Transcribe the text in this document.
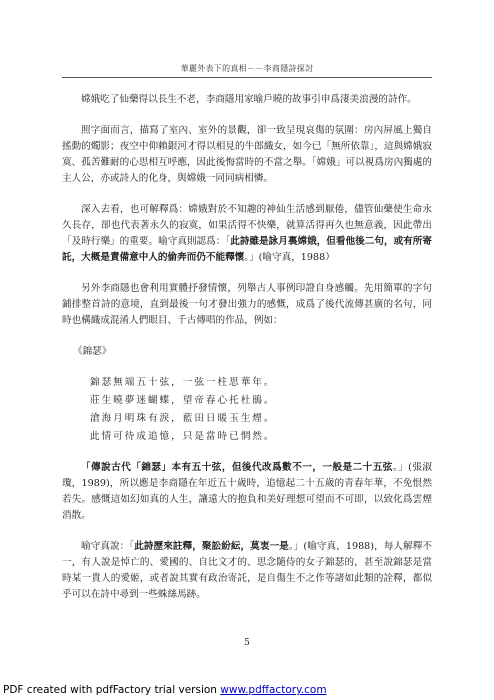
華麗外表下的真相－－李商隱詩探討

嫦娥吃了仙藥得以長生不老，李商隱用家喻戶曉的故事引申爲淒美浪漫的詩作。

照字面而言，描寫了室內、室外的景觀，卻一致呈現哀傷的氛圍：房內屏風上獨自搖動的燭影；夜空中仰賴銀河才得以相見的牛郎織女，如今已「無所依靠」，這與嫦娥寂寞、孤苦難耐的心思相互呼應，因此後悔當時的不當之舉。「嫦娥」可以視爲房內獨處的主人公，亦或詩人的化身，與嫦娥一同同病相憐。

深入去看，也可解釋爲：嫦娥對於不知趣的神仙生活感到厭倦，儘管仙藥使生命永久長存，卻也代表著永久的寂寞，如果活得不快樂，就算活得再久也無意義，因此帶出「及時行樂」的重要。喻守真則認爲：「此詩雖是詠月裏嫦娥，但看他後二句，或有所寄託，大概是責備意中人的偷奔而仍不能釋懷。」(喻守真，1988）

另外李商隱也會利用實體抒發情懷，列舉古人事例印證自身感觸。先用簡單的字句鋪排整首詩的意境，直到最後一句才發出強力的感慨，成爲了後代流傳甚廣的名句，同時也構織成混淆人們眼目、千古傳唱的作品，例如：

《錦瑟》
錦瑟無端五十弦，一弦一柱思華年。
莊生曉夢迷蝴蝶，望帝春心托杜鵑。
滄海月明珠有淚，藍田日暖玉生煙。
此情可待成追憶，只是當時已惘然。

「傳說古代「錦瑟」本有五十弦，但後代改爲數不一，一般是二十五弦。」(張淑瓊，1989)，所以應是李商隱在年近五十歲時，追憶起二十五歲的青春年華，不免恨然若失。感慨這如幻如真的人生，讓遠大的抱負和美好理想可望而不可即，以致化爲雲煙消散。

喻守真說：「此詩歷來註釋，聚訟紛紜，莫衷一是。」(喻守真，1988)，每人解釋不一，有人說是悼亡的、愛國的、自比文才的、思念隨侍的女子錦瑟的，甚至說錦瑟是當時某一貴人的愛姬，或者說其實有政治寄託，是自傷生不之作等諸如此類的詮釋，都似乎可以在詩中尋到一些蛛絲馬跡。

5
PDF created with pdfFactory trial version www.pdffactory.com
